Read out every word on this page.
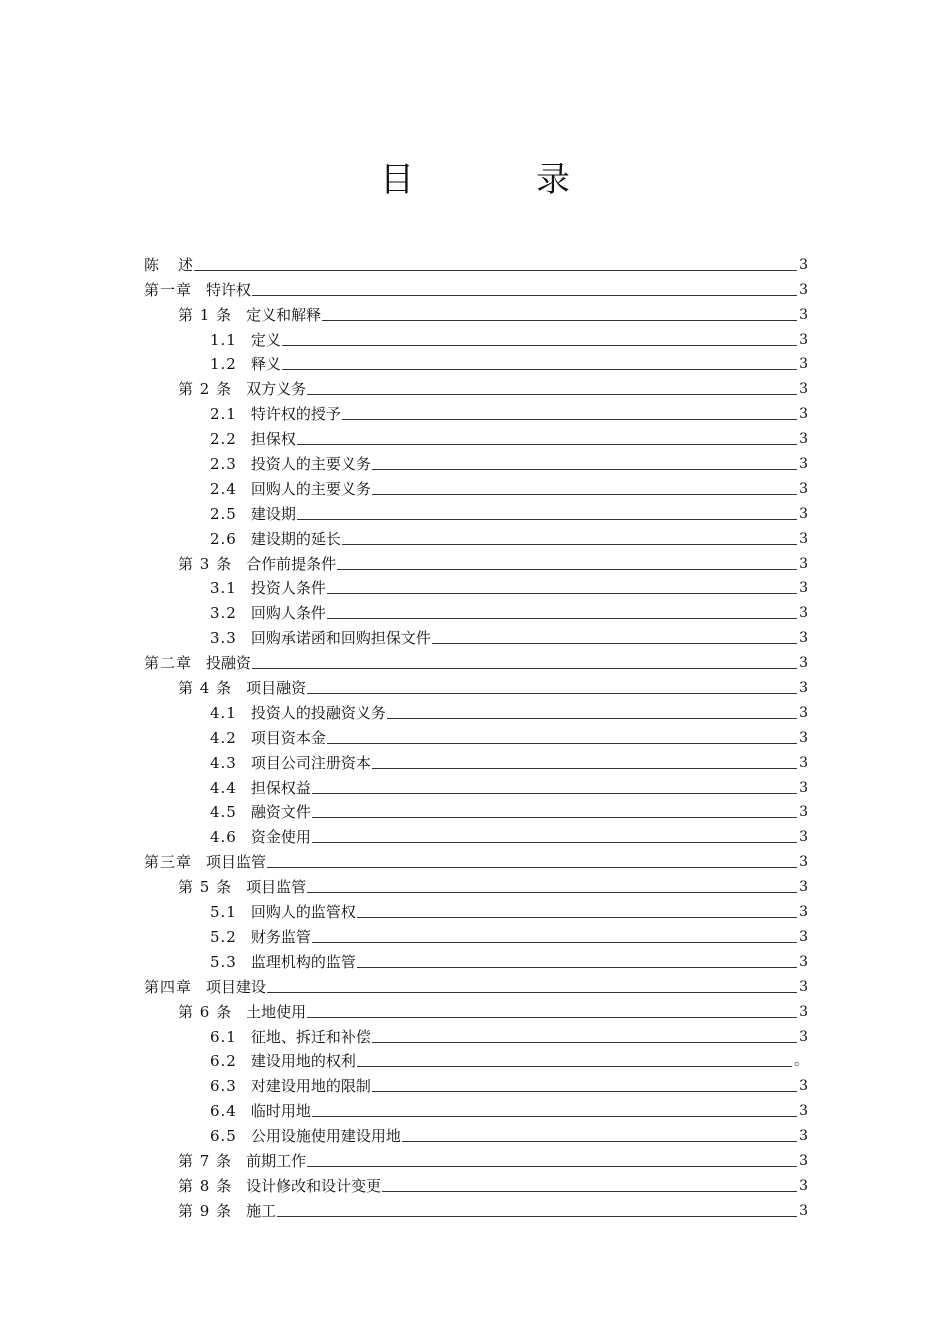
目　录
陈 述	3
第一章 特许权	3
第 1 条 定义和解释	3
1.1 定义	3
1.2 释义	3
第 2 条 双方义务	3
2.1 特许权的授予	3
2.2 担保权	3
2.3 投资人的主要义务	3
2.4 回购人的主要义务	3
2.5 建设期	3
2.6 建设期的延长	3
第 3 条 合作前提条件	3
3.1 投资人条件	3
3.2 回购人条件	3
3.3 回购承诺函和回购担保文件	3
第二章 投融资	3
第 4 条 项目融资	3
4.1 投资人的投融资义务	3
4.2 项目资本金	3
4.3 项目公司注册资本	3
4.4 担保权益	3
4.5 融资文件	3
4.6 资金使用	3
第三章 项目监管	3
第 5 条 项目监管	3
5.1 回购人的监管权	3
5.2 财务监管	3
5.3 监理机构的监管	3
第四章 项目建设	3
第 6 条 土地使用	3
6.1 征地、拆迁和补偿	3
6.2 建设用地的权利	。
6.3 对建设用地的限制	3
6.4 临时用地	3
6.5 公用设施使用建设用地	3
第 7 条 前期工作	3
第 8 条 设计修改和设计变更	3
第 9 条 施工	3
